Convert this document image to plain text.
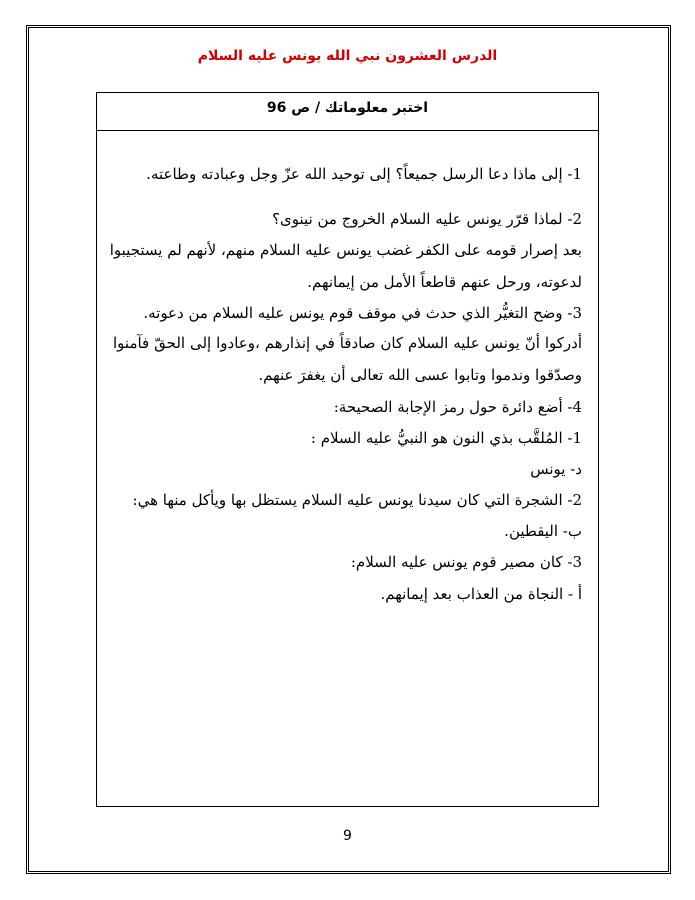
الدرس العشرون نبي الله يونس عليه السلام
اختبر معلوماتك / ص 96
1- إلى ماذا دعا الرسل جميعاً؟ إلى توحيد الله عزّ وجل وعبادته وطاعته.
2- لماذا قرّر يونس عليه السلام الخروج من نينوى؟
بعد إصرار قومه على الكفر غضب يونس عليه السلام منهم، لأنهم لم يستجيبوا
لدعوته، ورحل عنهم قاطعاً الأمل من إيمانهم.
3- وضح التغيُّر الذي حدث في موقف قوم يونس عليه السلام من دعوته.
أدركوا أنّ يونس عليه السلام كان صادقاً في إنذارهم ،وعادوا إلى الحقّ فآمنوا
وصدّقوا وندموا وتابوا عسى الله تعالى أن يغفرَ عنهم.
4- أضع دائرة حول رمز الإجابة الصحيحة:
1- المُلقَّب بذي النون هو النبيُّ عليه السلام :
د- يونس
2- الشجرة التي كان سيدنا يونس عليه السلام يستظل بها ويأكل منها هي:
ب- اليقطين.
3- كان مصير قوم يونس عليه السلام:
أ - النجاة من العذاب بعد إيمانهم.
9
